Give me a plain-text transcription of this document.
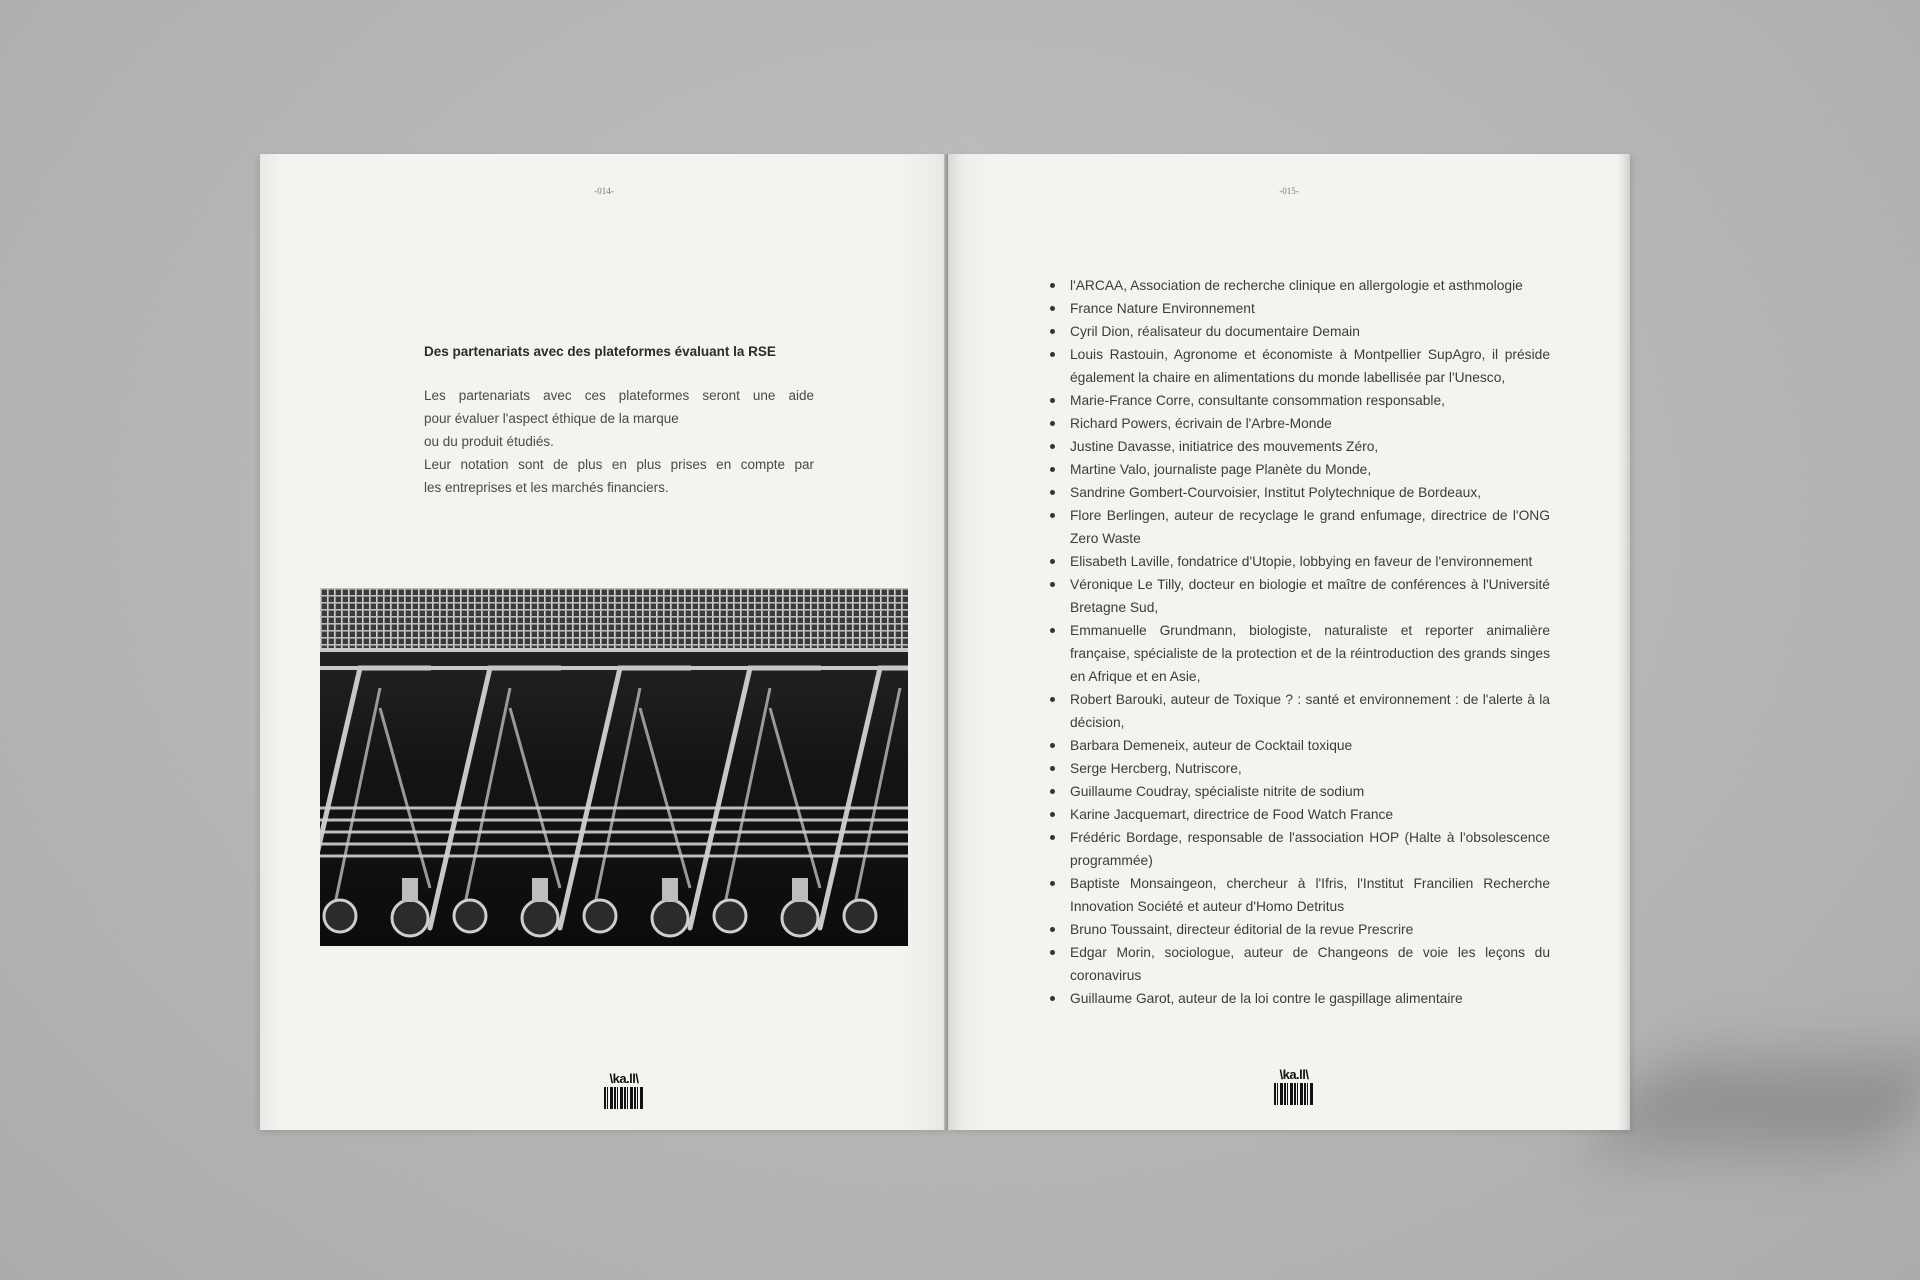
-014-
Des partenariats avec des plateformes évaluant la RSE
Les partenariats avec ces plateformes seront une aide
pour évaluer l'aspect éthique de la marque
ou du produit étudiés.
Leur notation sont de plus en plus prises en compte par
les entreprises et les marchés financiers.
\ka.ll\
-015-
l'ARCAA, Association de recherche clinique en allergologie et asthmologie
France Nature Environnement
Cyril Dion, réalisateur du documentaire Demain
Louis Rastouin, Agronome et économiste à Montpellier SupAgro, il préside également la chaire en alimentations du monde labellisée par l'Unesco,
Marie-France Corre, consultante consommation responsable,
Richard Powers, écrivain de l'Arbre-Monde
Justine Davasse, initiatrice des mouvements Zéro,
Martine Valo, journaliste page Planète du Monde,
Sandrine Gombert-Courvoisier, Institut Polytechnique de Bordeaux,
Flore Berlingen, auteur de recyclage le grand enfumage, directrice de l'ONG Zero Waste
Elisabeth Laville, fondatrice d'Utopie, lobbying en faveur de l'environnement
Véronique Le Tilly, docteur en biologie et maître de conférences à l'Université Bretagne Sud,
Emmanuelle Grundmann, biologiste, naturaliste et reporter animalière française, spécialiste de la protection et de la réintroduction des grands singes en Afrique et en Asie,
Robert Barouki, auteur de Toxique ? : santé et environnement : de l'alerte à la décision,
Barbara Demeneix, auteur de Cocktail toxique
Serge Hercberg, Nutriscore,
Guillaume Coudray, spécialiste nitrite de sodium
Karine Jacquemart, directrice de Food Watch France
Frédéric Bordage, responsable de l'association HOP (Halte à l'obsolescence programmée)
Baptiste Monsaingeon, chercheur à l'Ifris, l'Institut Francilien Recherche Innovation Société et auteur d'Homo Detritus
Bruno Toussaint, directeur éditorial de la revue Prescrire
Edgar Morin, sociologue, auteur de Changeons de voie les leçons du coronavirus
Guillaume Garot, auteur de la loi contre le gaspillage alimentaire
\ka.ll\
